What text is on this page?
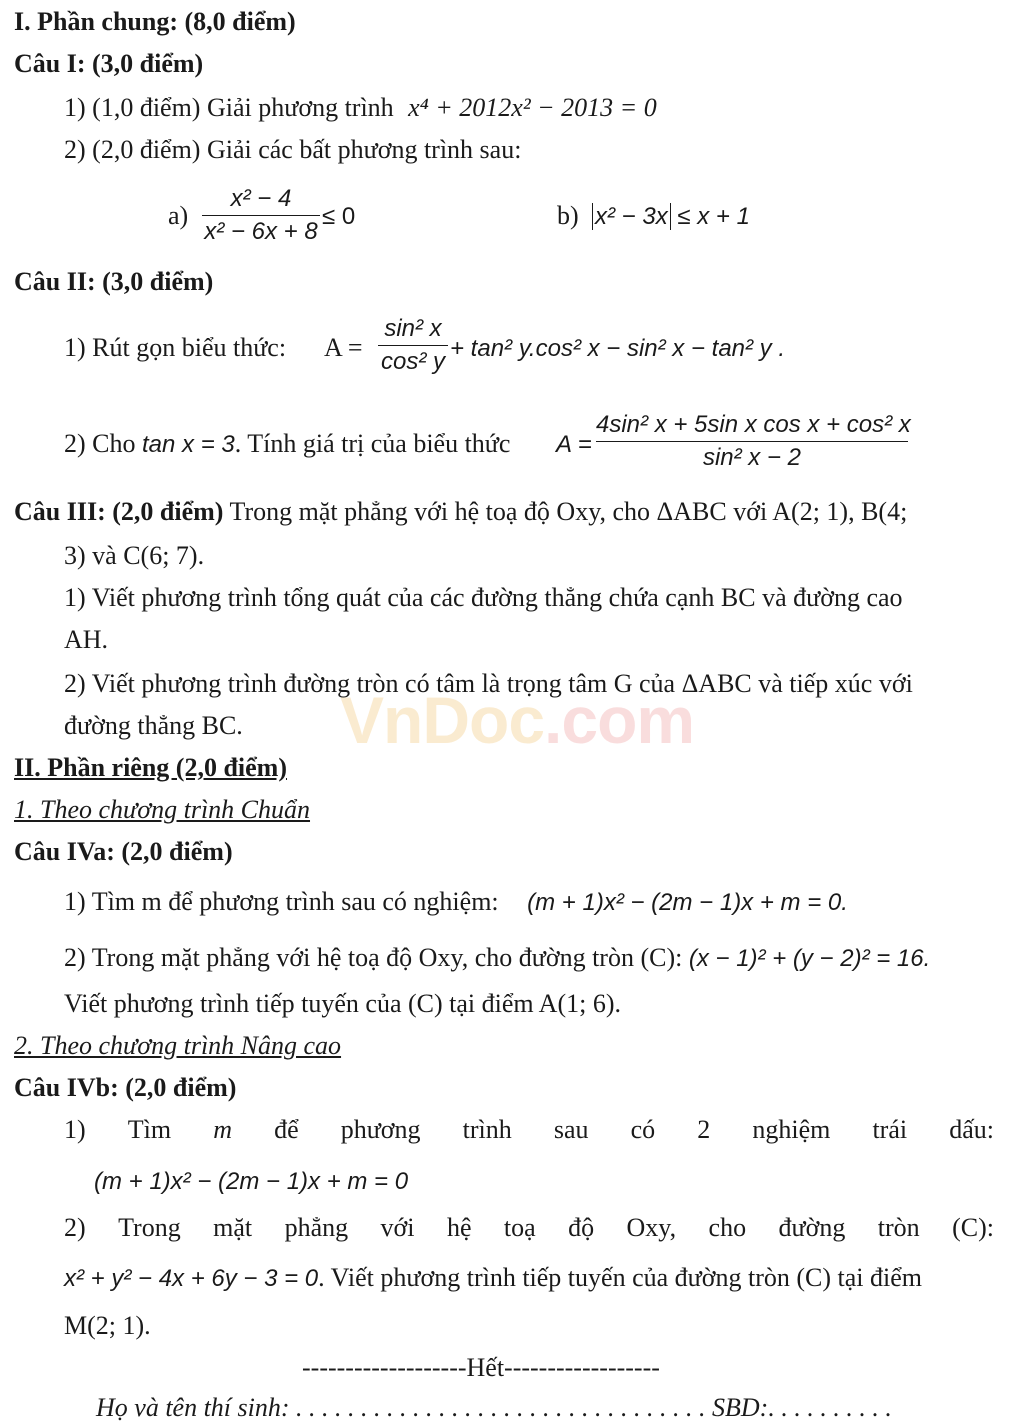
VnDoc.com
I. Phần chung: (8,0 điểm)
Câu I: (3,0 điểm)
1) (1,0 điểm) Giải phương trình x⁴ + 2012x² − 2013 = 0
2) (2,0 điểm) Giải các bất phương trình sau:
a)
x² − 4
x² − 6x + 8
≤ 0	b) x² − 3x ≤ x + 1
Câu II: (3,0 điểm)
1) Rút gọn biểu thức: A =
sin² x
cos² y + tan² y.cos² x − sin² x − tan² y .
2) Cho tan x = 3. Tính giá trị của biểu thức A =
4sin² x + 5sin x cos x + cos² x
sin² x − 2
Câu III: (2,0 điểm) Trong mặt phẳng với hệ toạ độ Oxy, cho ΔABC với A(2; 1), B(4;
3) và C(6; 7).
1) Viết phương trình tổng quát của các đường thẳng chứa cạnh BC và đường cao
AH.
2) Viết phương trình đường tròn có tâm là trọng tâm G của ΔABC và tiếp xúc với
đường thẳng BC.
II. Phần riêng (2,0 điểm)
1. Theo chương trình Chuẩn
Câu IVa: (2,0 điểm)
1) Tìm m để phương trình sau có nghiệm: (m + 1)x² − (2m − 1)x + m = 0.
2) Trong mặt phẳng với hệ toạ độ Oxy, cho đường tròn (C): (x − 1)² + (y − 2)² = 16.
Viết phương trình tiếp tuyến của (C) tại điểm A(1; 6).
2. Theo chương trình Nâng cao
Câu IVb: (2,0 điểm)
1) Tìm m để phương trình sau có 2 nghiệm trái dấu:
(m + 1)x² − (2m − 1)x + m = 0
2) Trong mặt phẳng với hệ toạ độ Oxy, cho đường tròn (C):
x² + y² − 4x + 6y − 3 = 0. Viết phương trình tiếp tuyến của đường tròn (C) tại điểm
M(2; 1).
-------------------Hết------------------
Họ và tên thí sinh: . . . . . . . . . . . . . . . . . . . . . . . . . . . . . . . . SBD:. . . . . . . . . .
